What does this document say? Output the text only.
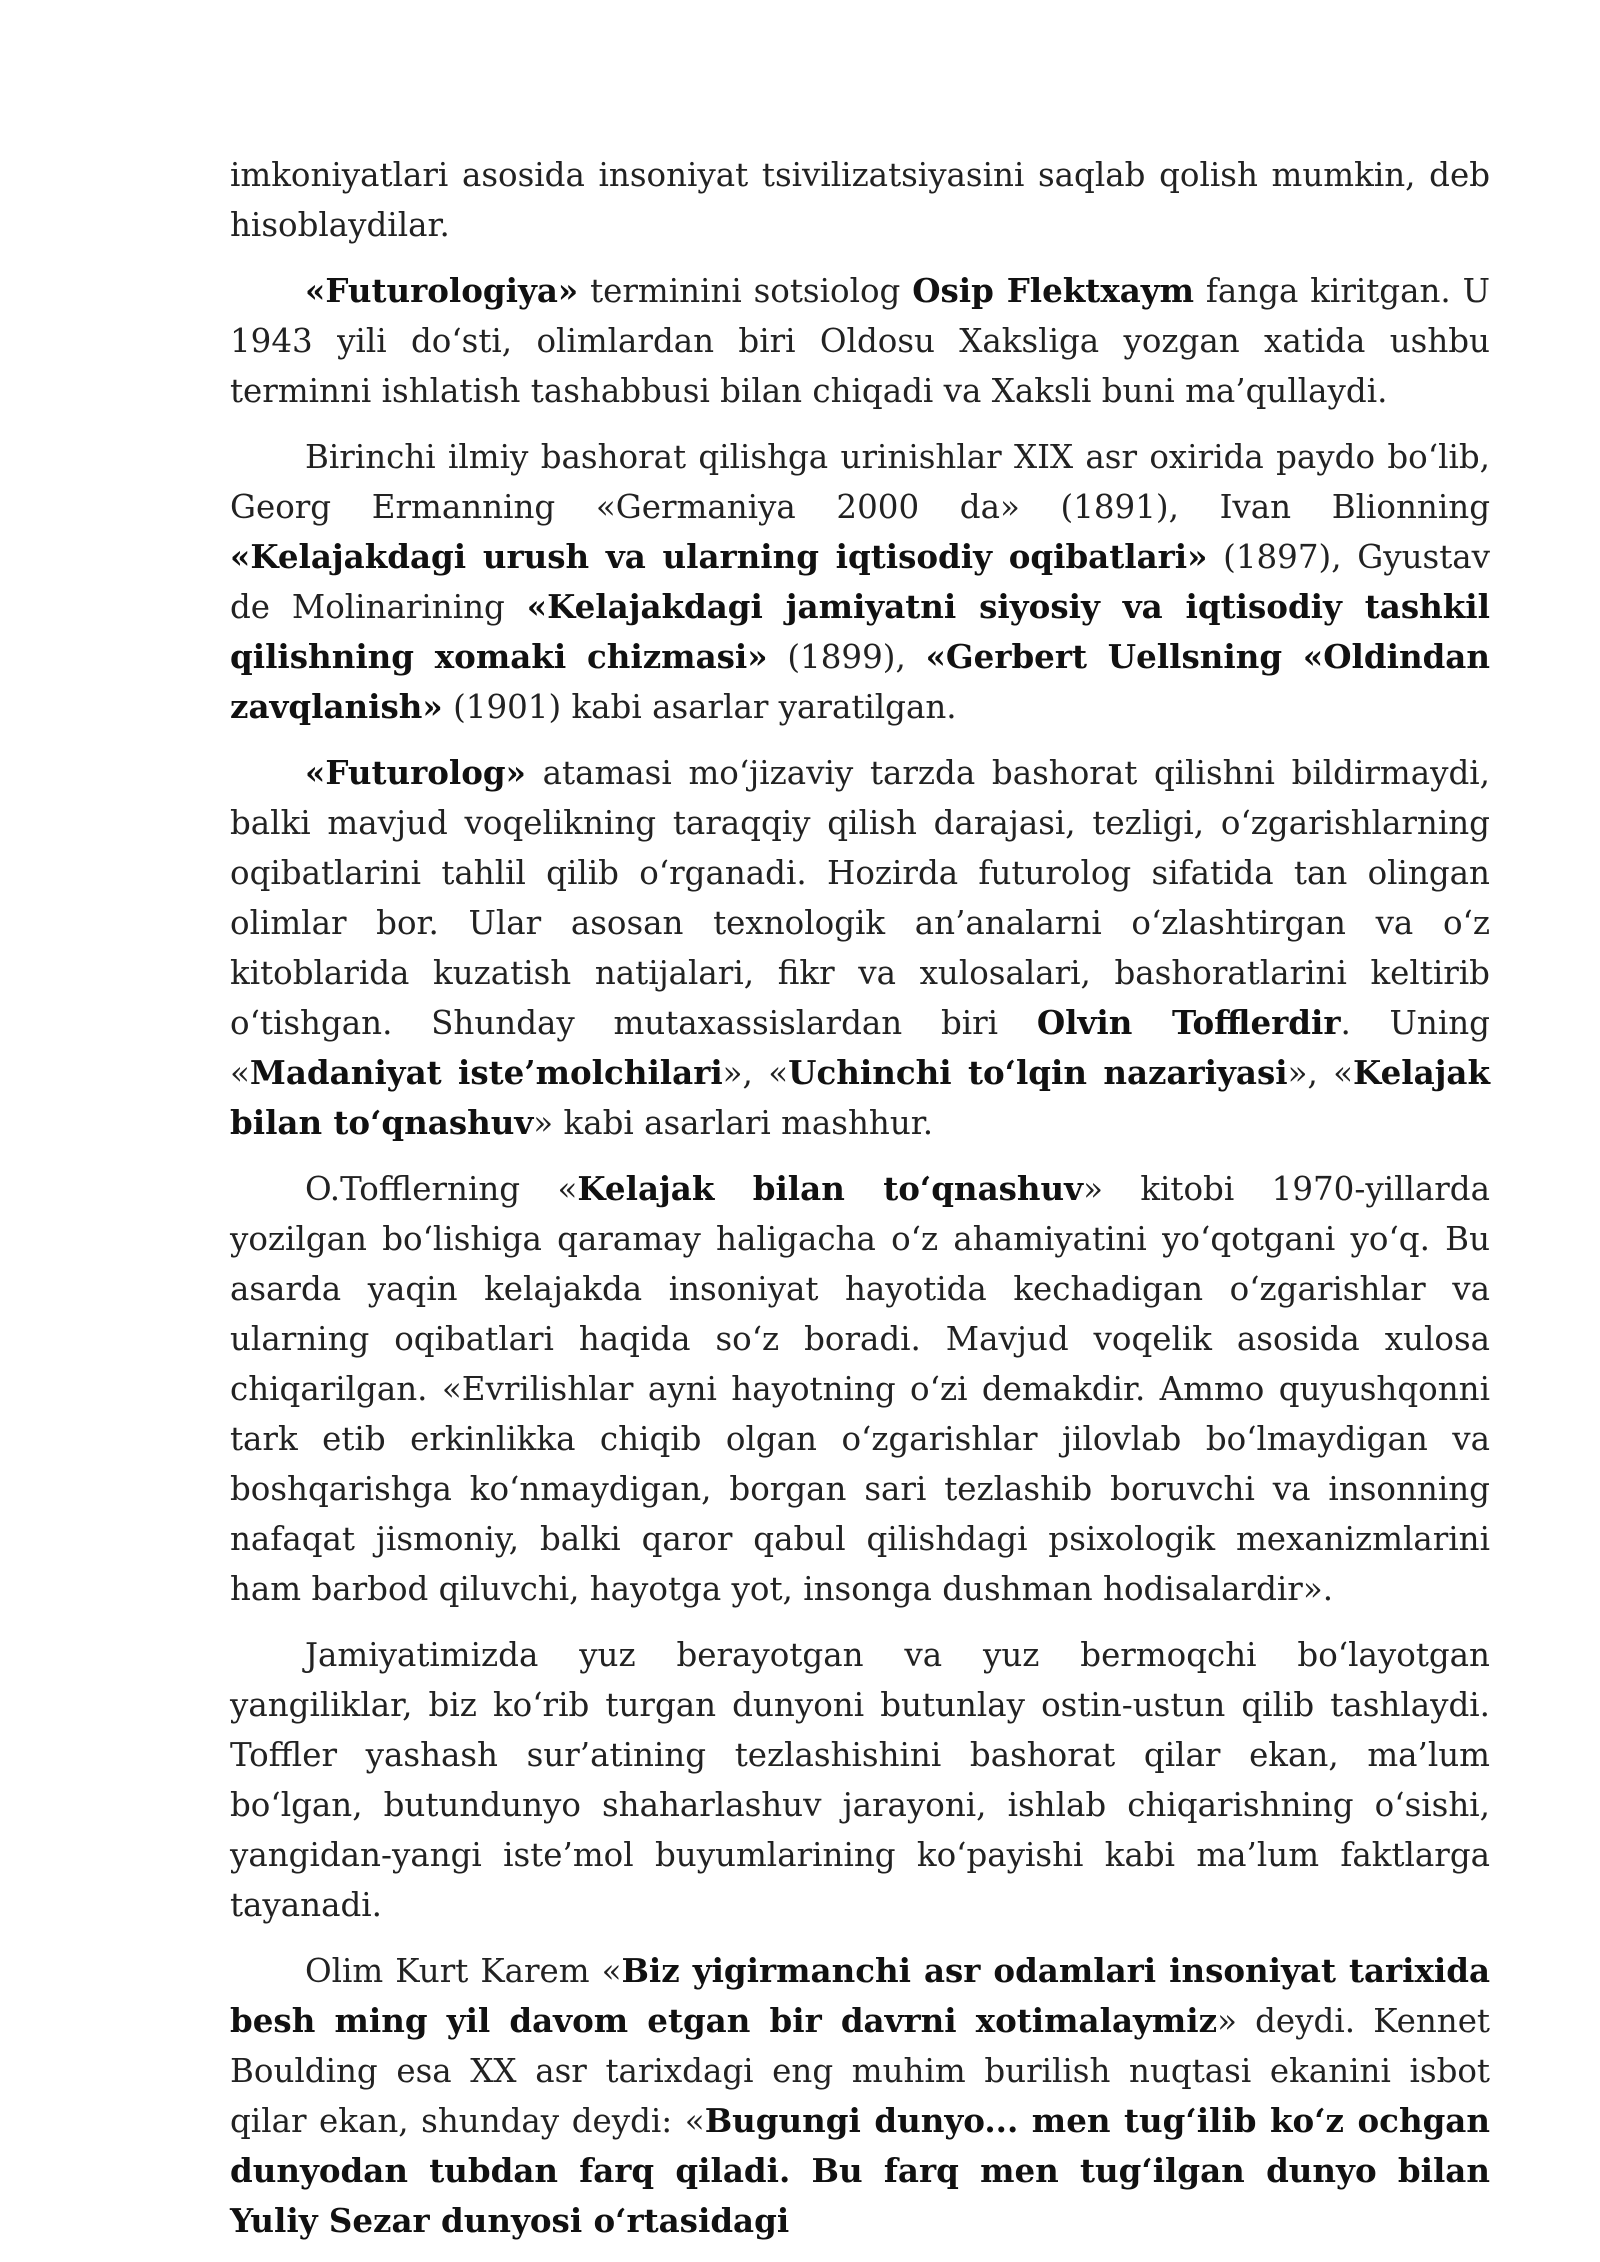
imkoniyatlari asosida insoniyat tsivilizatsiyasini saqlab qolish mumkin, deb hisoblaydilar.

«Futurologiya» terminini sotsiolog Osip Flektxaym fanga kiritgan. U 1943 yili do‘sti, olimlardan biri Oldosu Xaksliga yozgan xatida ushbu terminni ishlatish tashabbusi bilan chiqadi va Xaksli buni ma’qullaydi.

Birinchi ilmiy bashorat qilishga urinishlar XIX asr oxirida paydo bo‘lib, Georg Ermanning «Germaniya 2000 da» (1891), Ivan Blionning «Kelajakdagi urush va ularning iqtisodiy oqibatlari» (1897), Gyustav de Molinarining «Kelajakdagi jamiyatni siyosiy va iqtisodiy tashkil qilishning xomaki chizmasi» (1899), «Gerbert Uellsning «Oldindan zavqlanish» (1901) kabi asarlar yaratilgan.

«Futurolog» atamasi mo‘jizaviy tarzda bashorat qilishni bildirmaydi, balki mavjud voqelikning taraqqiy qilish darajasi, tezligi, o‘zgarishlarning oqibatlarini tahlil qilib o‘rganadi. Hozirda futurolog sifatida tan olingan olimlar bor. Ular asosan texnologik an’analarni o‘zlashtirgan va o‘z kitoblarida kuzatish natijalari, fikr va xulosalari, bashoratlarini keltirib o‘tishgan. Shunday mutaxassislardan biri Olvin Tofflerdir. Uning «Madaniyat iste’molchilari», «Uchinchi to‘lqin nazariyasi», «Kelajak bilan to‘qnashuv» kabi asarlari mashhur.

O.Tofflerning «Kelajak bilan to‘qnashuv» kitobi 1970-yillarda yozilgan bo‘lishiga qaramay haligacha o‘z ahamiyatini yo‘qotgani yo‘q. Bu asarda yaqin kelajakda insoniyat hayotida kechadigan o‘zgarishlar va ularning oqibatlari haqida so‘z boradi. Mavjud voqelik asosida xulosa chiqarilgan. «Evrilishlar ayni hayotning o‘zi demakdir. Ammo quyushqonni tark etib erkinlikka chiqib olgan o‘zgarishlar jilovlab bo‘lmaydigan va boshqarishga ko‘nmaydigan, borgan sari tezlashib boruvchi va insonning nafaqat jismoniy, balki qaror qabul qilishdagi psixologik mexanizmlarini ham barbod qiluvchi, hayotga yot, insonga dushman hodisalardir».

Jamiyatimizda yuz berayotgan va yuz bermoqchi bo‘layotgan yangiliklar, biz ko‘rib turgan dunyoni butunlay ostin-ustun qilib tashlaydi. Toffler yashash sur’atining tezlashishini bashorat qilar ekan, ma’lum bo‘lgan, butundunyo shaharlashuv jarayoni, ishlab chiqarishning o‘sishi, yangidan-yangi iste’mol buyumlarining ko‘payishi kabi ma’lum faktlarga tayanadi.

Olim Kurt Karem «Biz yigirmanchi asr odamlari insoniyat tarixida besh ming yil davom etgan bir davrni xotimalaymiz» deydi. Kennet Boulding esa XX asr tarixdagi eng muhim burilish nuqtasi ekanini isbot qilar ekan, shunday deydi: «Bugungi dunyo... men tug‘ilib ko‘z ochgan dunyodan tubdan farq qiladi. Bu farq men tug‘ilgan dunyo bilan Yuliy Sezar dunyosi o‘rtasidagi
